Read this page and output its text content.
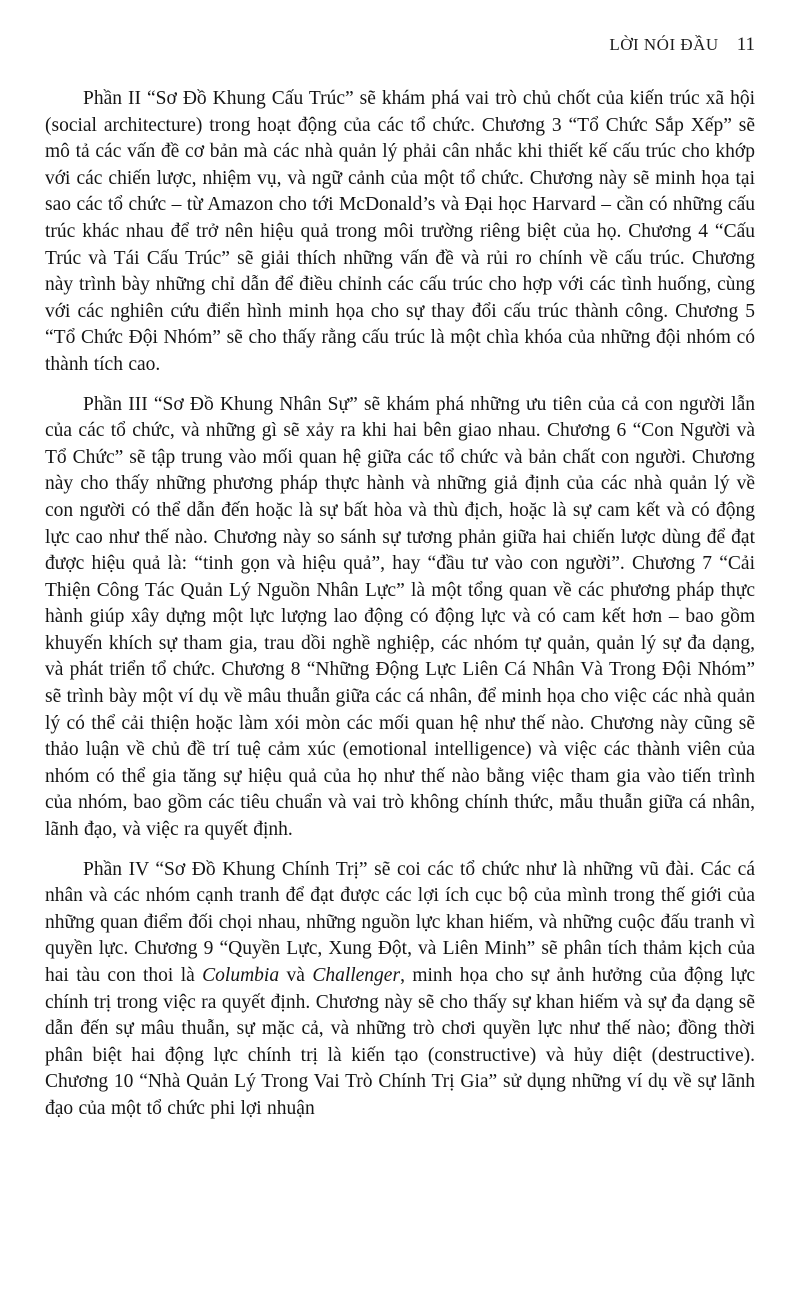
LỜI NÓI ĐẦU 11

Phần II “Sơ Đồ Khung Cấu Trúc” sẽ khám phá vai trò chủ chốt của kiến trúc xã hội (social architecture) trong hoạt động của các tổ chức. Chương 3 “Tổ Chức Sắp Xếp” sẽ mô tả các vấn đề cơ bản mà các nhà quản lý phải cân nhắc khi thiết kế cấu trúc cho khớp với các chiến lược, nhiệm vụ, và ngữ cảnh của một tổ chức. Chương này sẽ minh họa tại sao các tổ chức – từ Amazon cho tới McDonald’s và Đại học Harvard – cần có những cấu trúc khác nhau để trở nên hiệu quả trong môi trường riêng biệt của họ. Chương 4 “Cấu Trúc và Tái Cấu Trúc” sẽ giải thích những vấn đề và rủi ro chính về cấu trúc. Chương này trình bày những chỉ dẫn để điều chỉnh các cấu trúc cho hợp với các tình huống, cùng với các nghiên cứu điển hình minh họa cho sự thay đổi cấu trúc thành công. Chương 5 “Tổ Chức Đội Nhóm” sẽ cho thấy rằng cấu trúc là một chìa khóa của những đội nhóm có thành tích cao.

Phần III “Sơ Đồ Khung Nhân Sự” sẽ khám phá những ưu tiên của cả con người lẫn của các tổ chức, và những gì sẽ xảy ra khi hai bên giao nhau. Chương 6 “Con Người và Tổ Chức” sẽ tập trung vào mối quan hệ giữa các tổ chức và bản chất con người. Chương này cho thấy những phương pháp thực hành và những giả định của các nhà quản lý về con người có thể dẫn đến hoặc là sự bất hòa và thù địch, hoặc là sự cam kết và có động lực cao như thế nào. Chương này so sánh sự tương phản giữa hai chiến lược dùng để đạt được hiệu quả là: “tinh gọn và hiệu quả”, hay “đầu tư vào con người”. Chương 7 “Cải Thiện Công Tác Quản Lý Nguồn Nhân Lực” là một tổng quan về các phương pháp thực hành giúp xây dựng một lực lượng lao động có động lực và có cam kết hơn – bao gồm khuyến khích sự tham gia, trau dồi nghề nghiệp, các nhóm tự quản, quản lý sự đa dạng, và phát triển tổ chức. Chương 8 “Những Động Lực Liên Cá Nhân Và Trong Đội Nhóm” sẽ trình bày một ví dụ về mâu thuẫn giữa các cá nhân, để minh họa cho việc các nhà quản lý có thể cải thiện hoặc làm xói mòn các mối quan hệ như thế nào. Chương này cũng sẽ thảo luận về chủ đề trí tuệ cảm xúc (emotional intelligence) và việc các thành viên của nhóm có thể gia tăng sự hiệu quả của họ như thế nào bằng việc tham gia vào tiến trình của nhóm, bao gồm các tiêu chuẩn và vai trò không chính thức, mẫu thuẫn giữa cá nhân, lãnh đạo, và việc ra quyết định.

Phần IV “Sơ Đồ Khung Chính Trị” sẽ coi các tổ chức như là những vũ đài. Các cá nhân và các nhóm cạnh tranh để đạt được các lợi ích cục bộ của mình trong thế giới của những quan điểm đối chọi nhau, những nguồn lực khan hiếm, và những cuộc đấu tranh vì quyền lực. Chương 9 “Quyền Lực, Xung Đột, và Liên Minh” sẽ phân tích thảm kịch của hai tàu con thoi là Columbia và Challenger, minh họa cho sự ảnh hưởng của động lực chính trị trong việc ra quyết định. Chương này sẽ cho thấy sự khan hiếm và sự đa dạng sẽ dẫn đến sự mâu thuẫn, sự mặc cả, và những trò chơi quyền lực như thế nào; đồng thời phân biệt hai động lực chính trị là kiến tạo (constructive) và hủy diệt (destructive). Chương 10 “Nhà Quản Lý Trong Vai Trò Chính Trị Gia” sử dụng những ví dụ về sự lãnh đạo của một tổ chức phi lợi nhuận
